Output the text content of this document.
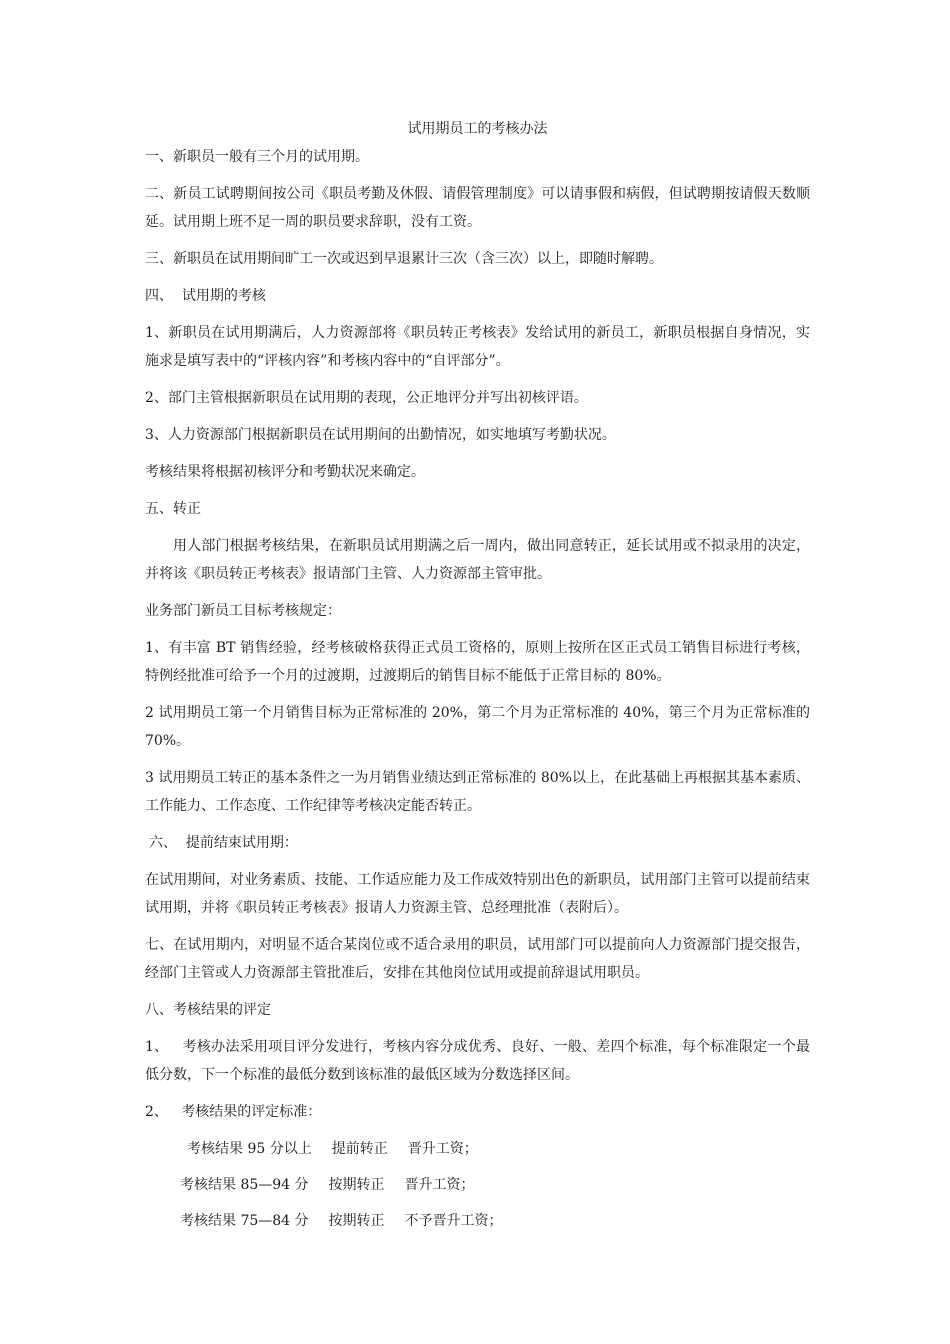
试用期员工的考核办法

一、新职员一般有三个月的试用期。

二、新员工试聘期间按公司《职员考勤及休假、请假管理制度》可以请事假和病假，但试聘期按请假天数顺延。试用期上班不足一周的职员要求辞职，没有工资。

三、新职员在试用期间旷工一次或迟到早退累计三次（含三次）以上，即随时解聘。

四、  试用期的考核

1、新职员在试用期满后，人力资源部将《职员转正考核表》发给试用的新员工，新职员根据自身情况，实施求是填写表中的“评核内容”和考核内容中的“自评部分”。

2、部门主管根据新职员在试用期的表现，公正地评分并写出初核评语。

3、人力资源部门根据新职员在试用期间的出勤情况，如实地填写考勤状况。

考核结果将根据初核评分和考勤状况来确定。

五、转正

用人部门根据考核结果，在新职员试用期满之后一周内，做出同意转正，延长试用或不拟录用的决定，并将该《职员转正考核表》报请部门主管、人力资源部主管审批。

业务部门新员工目标考核规定：

1、有丰富 BT 销售经验，经考核破格获得正式员工资格的，原则上按所在区正式员工销售目标进行考核，特例经批准可给予一个月的过渡期，过渡期后的销售目标不能低于正常目标的 80%。

2 试用期员工第一个月销售目标为正常标准的 20%，第二个月为正常标准的 40%，第三个月为正常标准的 70%。

3 试用期员工转正的基本条件之一为月销售业绩达到正常标准的 80%以上，在此基础上再根据其基本素质、工作能力、工作态度、工作纪律等考核决定能否转正。

六、  提前结束试用期：

在试用期间，对业务素质、技能、工作适应能力及工作成效特别出色的新职员，试用部门主管可以提前结束试用期，并将《职员转正考核表》报请人力资源主管、总经理批准（表附后）。

七、在试用期内，对明显不适合某岗位或不适合录用的职员，试用部门可以提前向人力资源部门提交报告，经部门主管或人力资源部主管批准后，安排在其他岗位试用或提前辞退试用职员。

八、考核结果的评定

1、   考核办法采用项目评分发进行，考核内容分成优秀、良好、一般、差四个标准，每个标准限定一个最低分数，下一个标准的最低分数到该标准的最低区域为分数选择区间。

2、   考核结果的评定标准：

考核结果 95 分以上 提前转正 晋升工资；
考核结果 85—94 分 按期转正 晋升工资；
考核结果 75—84 分 按期转正 不予晋升工资；
